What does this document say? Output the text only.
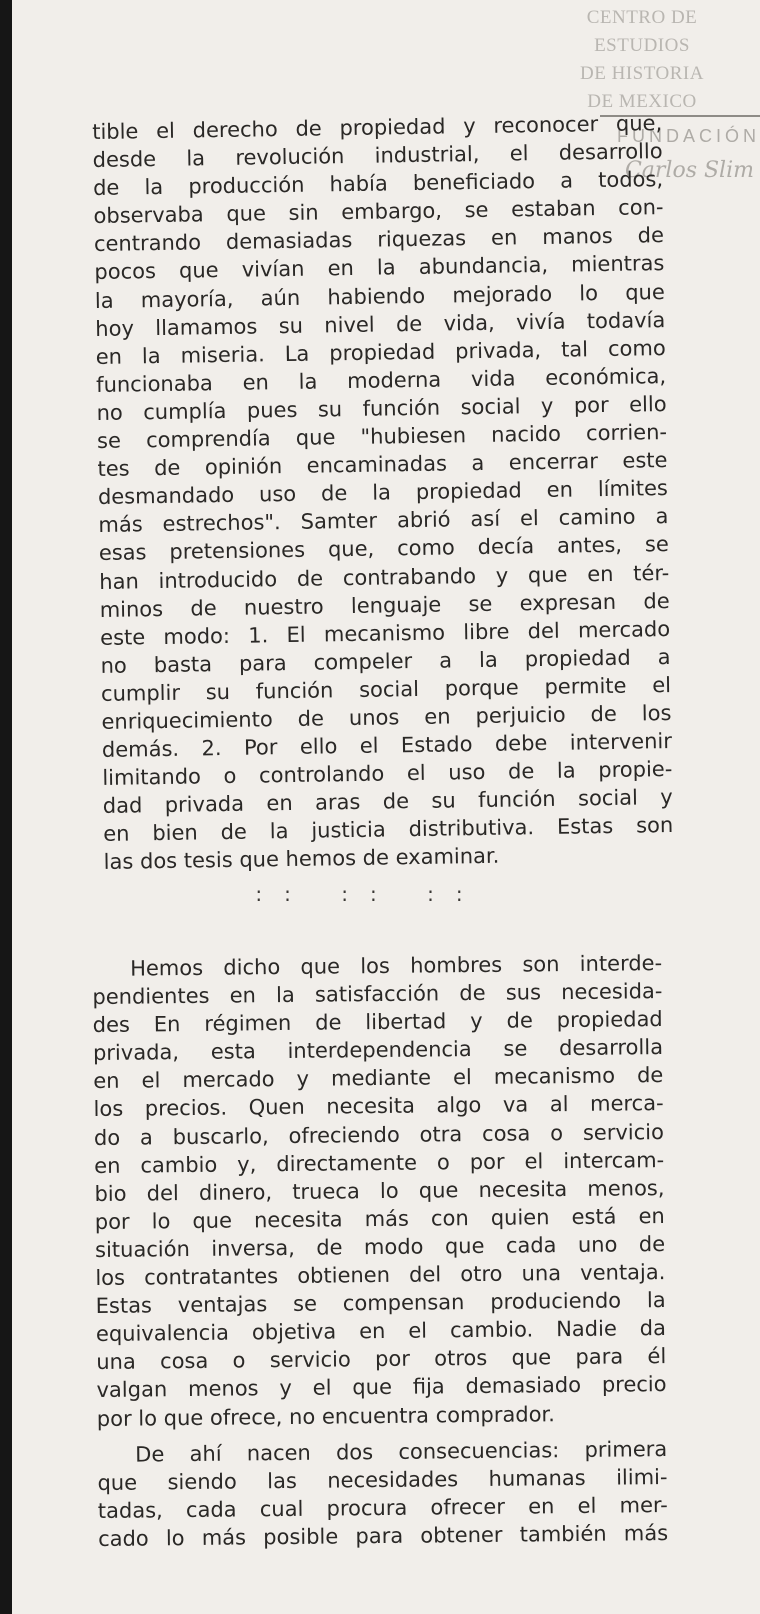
CENTRO DE
ESTUDIOS
DE HISTORIA
DE MEXICO
FUNDACIÓN
Carlos Slim
tible el derecho de propiedad y reconocer que,
desde la revolución industrial, el desarrollo
de la producción había beneficiado a todos,
observaba que sin embargo, se estaban con-
centrando demasiadas riquezas en manos de
pocos que vivían en la abundancia, mientras
la mayoría, aún habiendo mejorado lo que
hoy llamamos su nivel de vida, vivía todavía
en la miseria. La propiedad privada, tal como
funcionaba en la moderna vida económica,
no cumplía pues su función social y por ello
se comprendía que "hubiesen nacido corrien-
tes de opinión encaminadas a encerrar este
desmandado uso de la propiedad en límites
más estrechos". Samter abrió así el camino a
esas pretensiones que, como decía antes, se
han introducido de contrabando y que en tér-
minos de nuestro lenguaje se expresan de
este modo: 1. El mecanismo libre del mercado
no basta para compeler a la propiedad a
cumplir su función social porque permite el
enriquecimiento de unos en perjuicio de los
demás. 2. Por ello el Estado debe intervenir
limitando o controlando el uso de la propie-
dad privada en aras de su función social y
en bien de la justicia distributiva. Estas son
las dos tesis que hemos de examinar.
:: :: ::
Hemos dicho que los hombres son interde-
pendientes en la satisfacción de sus necesida-
des En régimen de libertad y de propiedad
privada, esta interdependencia se desarrolla
en el mercado y mediante el mecanismo de
los precios. Quen necesita algo va al merca-
do a buscarlo, ofreciendo otra cosa o servicio
en cambio y, directamente o por el intercam-
bio del dinero, trueca lo que necesita menos,
por lo que necesita más con quien está en
situación inversa, de modo que cada uno de
los contratantes obtienen del otro una ventaja.
Estas ventajas se compensan produciendo la
equivalencia objetiva en el cambio. Nadie da
una cosa o servicio por otros que para él
valgan menos y el que fija demasiado precio
por lo que ofrece, no encuentra comprador.
De ahí nacen dos consecuencias: primera
que siendo las necesidades humanas ilimi-
tadas, cada cual procura ofrecer en el mer-
cado lo más posible para obtener también más
